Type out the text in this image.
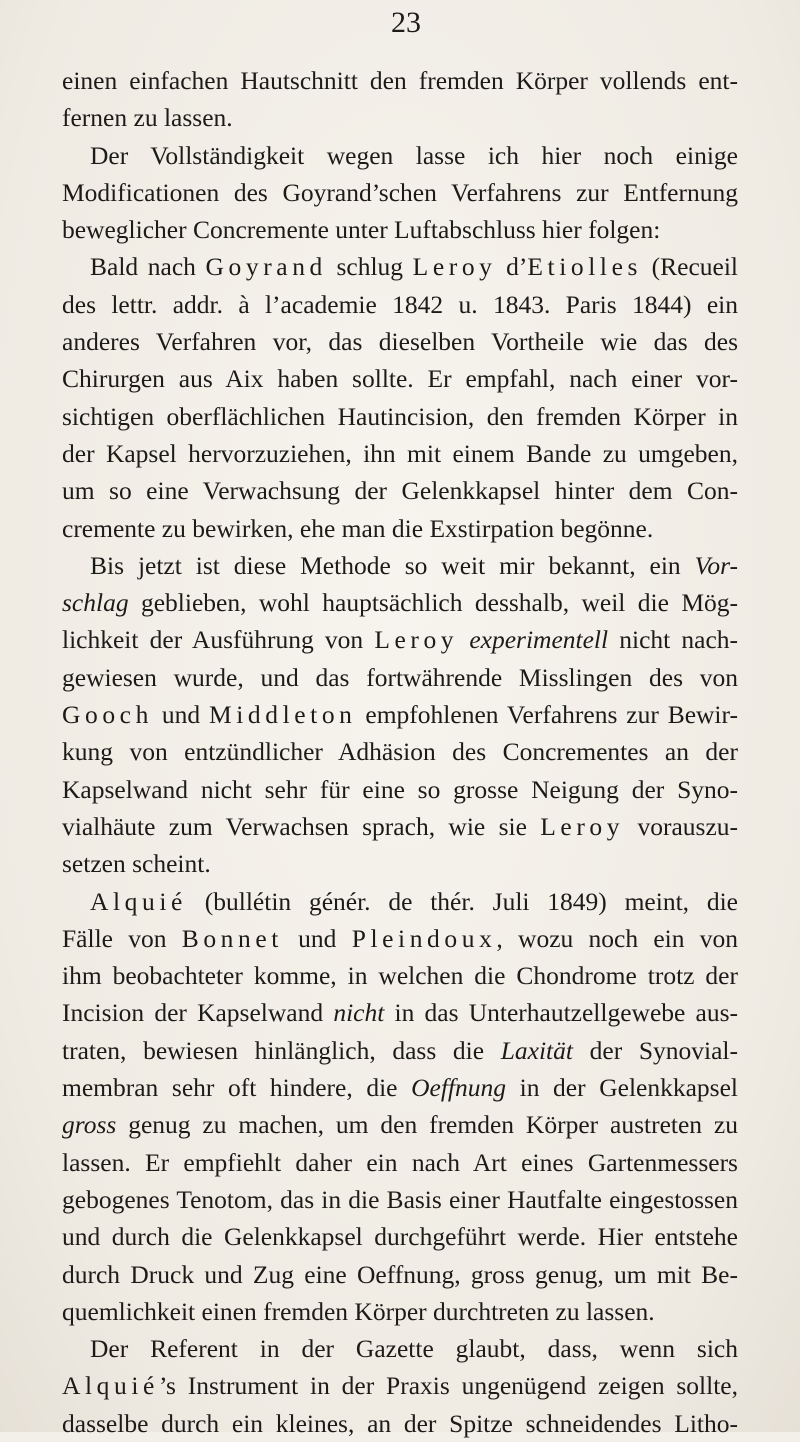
23
einen einfachen Hautschnitt den fremden Körper vollends ent-
fernen zu lassen.
Der Vollständigkeit wegen lasse ich hier noch einige
Modificationen des Goyrand’schen Verfahrens zur Entfernung
beweglicher Concremente unter Luftabschluss hier folgen:
Bald nach Goyrand schlug Leroy d’Etiolles (Recueil
des lettr. addr. à l’academie 1842 u. 1843. Paris 1844) ein
anderes Verfahren vor, das dieselben Vortheile wie das des
Chirurgen aus Aix haben sollte. Er empfahl, nach einer vor-
sichtigen oberflächlichen Hautincision, den fremden Körper in
der Kapsel hervorzuziehen, ihn mit einem Bande zu umgeben,
um so eine Verwachsung der Gelenkkapsel hinter dem Con-
cremente zu bewirken, ehe man die Exstirpation begönne.
Bis jetzt ist diese Methode so weit mir bekannt, ein Vor-
schlag geblieben, wohl hauptsächlich desshalb, weil die Mög-
lichkeit der Ausführung von Leroy experimentell nicht nach-
gewiesen wurde, und das fortwährende Misslingen des von
Gooch und Middleton empfohlenen Verfahrens zur Bewir-
kung von entzündlicher Adhäsion des Concrementes an der
Kapselwand nicht sehr für eine so grosse Neigung der Syno-
vialhäute zum Verwachsen sprach, wie sie Leroy vorauszu-
setzen scheint.
Alquié (bullétin génér. de thér. Juli 1849) meint, die
Fälle von Bonnet und Pleindoux, wozu noch ein von
ihm beobachteter komme, in welchen die Chondrome trotz der
Incision der Kapselwand nicht in das Unterhautzellgewebe aus-
traten, bewiesen hinlänglich, dass die Laxität der Synovial-
membran sehr oft hindere, die Oeffnung in der Gelenkkapsel
gross genug zu machen, um den fremden Körper austreten zu
lassen. Er empfiehlt daher ein nach Art eines Gartenmessers
gebogenes Tenotom, das in die Basis einer Hautfalte eingestossen
und durch die Gelenkkapsel durchgeführt werde. Hier entstehe
durch Druck und Zug eine Oeffnung, gross genug, um mit Be-
quemlichkeit einen fremden Körper durchtreten zu lassen.
Der Referent in der Gazette glaubt, dass, wenn sich
Alquié’s Instrument in der Praxis ungenügend zeigen sollte,
dasselbe durch ein kleines, an der Spitze schneidendes Litho-
